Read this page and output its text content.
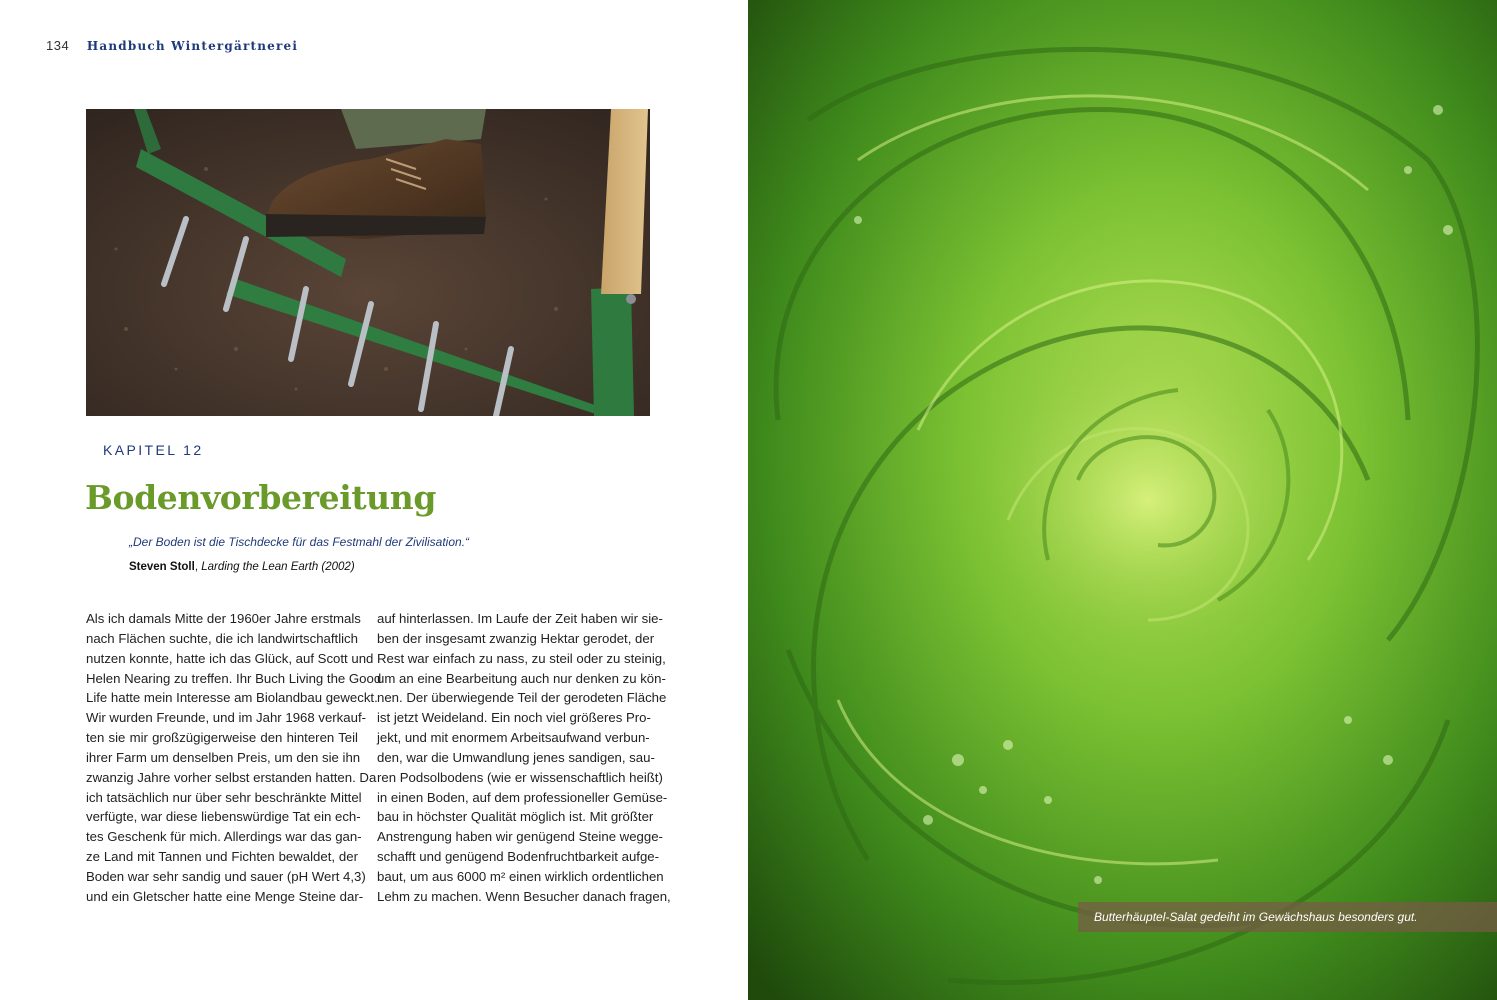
134 Handbuch Wintergärtnerei
KAPITEL 12
Bodenvorbereitung
„Der Boden ist die Tischdecke für das Festmahl der Zivilisation.“
Steven Stoll, Larding the Lean Earth (2002)
Als ich damals Mitte der 1960er Jahre erstmals
nach Flächen suchte, die ich landwirtschaftlich
nutzen konnte, hatte ich das Glück, auf Scott und
Helen Nearing zu treffen. Ihr Buch Living the Good
Life hatte mein Interesse am Biolandbau geweckt.
Wir wurden Freunde, und im Jahr 1968 verkauf-
ten sie mir großzügigerweise den hinteren Teil
ihrer Farm um denselben Preis, um den sie ihn
zwanzig Jahre vorher selbst erstanden hatten. Da
ich tatsächlich nur über sehr beschränkte Mittel
verfügte, war diese liebenswürdige Tat ein ech-
tes Geschenk für mich. Allerdings war das gan-
ze Land mit Tannen und Fichten bewaldet, der
Boden war sehr sandig und sauer (pH Wert 4,3)
und ein Gletscher hatte eine Menge Steine dar-
auf hinterlassen. Im Laufe der Zeit haben wir sie-
ben der insgesamt zwanzig Hektar gerodet, der
Rest war einfach zu nass, zu steil oder zu steinig,
um an eine Bearbeitung auch nur denken zu kön-
nen. Der überwiegende Teil der gerodeten Fläche
ist jetzt Weideland. Ein noch viel größeres Pro-
jekt, und mit enormem Arbeitsaufwand verbun-
den, war die Umwandlung jenes sandigen, sau-
ren Podsolbodens (wie er wissenschaftlich heißt)
in einen Boden, auf dem professioneller Gemüse-
bau in höchster Qualität möglich ist. Mit größter
Anstrengung haben wir genügend Steine wegge-
schafft und genügend Bodenfruchtbarkeit aufge-
baut, um aus 6000 m² einen wirklich ordentlichen
Lehm zu machen. Wenn Besucher danach fragen,
Butterhäuptel-Salat gedeiht im Gewächshaus besonders gut.
